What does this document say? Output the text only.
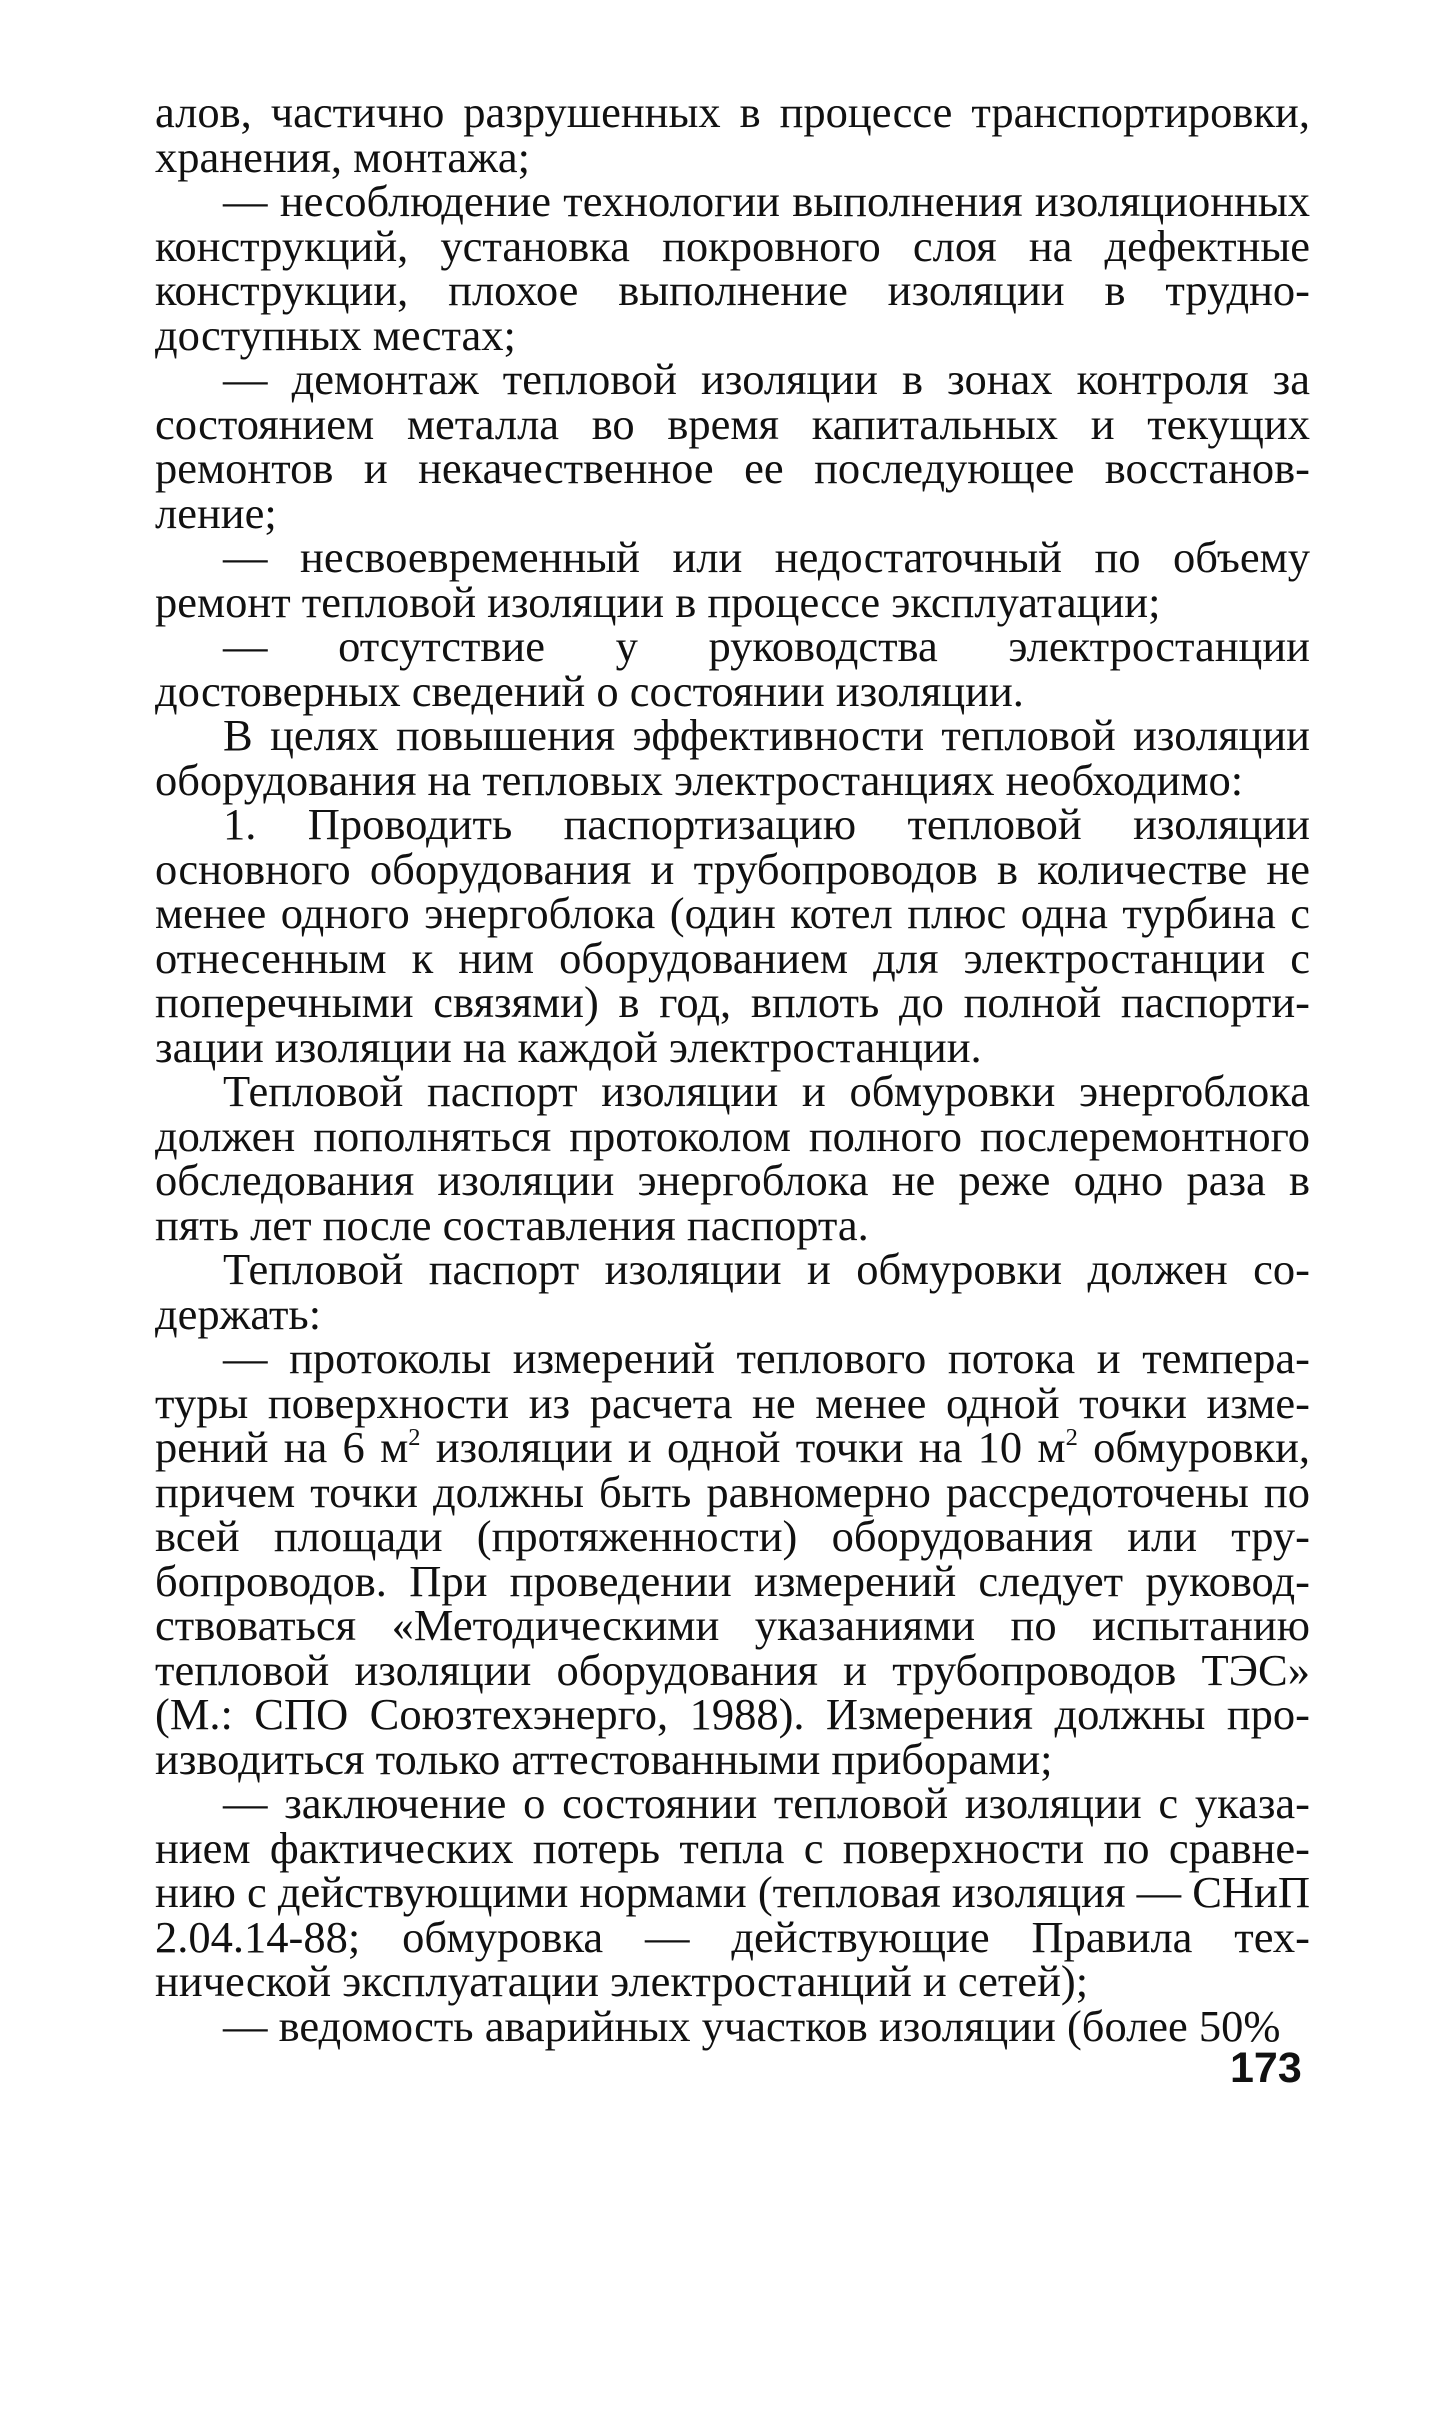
алов, частично разрушенных в процессе транспортировки, хранения, монтажа;

— несоблюдение технологии выполнения изоляционных конструкций, установка покровного слоя на дефектные конструкции, плохое выполнение изоляции в труднодоступных местах;

— демонтаж тепловой изоляции в зонах контроля за состоянием металла во время капитальных и текущих ремонтов и некачественное ее последующее восстановление;

— несвоевременный или недостаточный по объему ремонт тепловой изоляции в процессе эксплуатации;

— отсутствие у руководства электростанции достоверных сведений о состоянии изоляции.

В целях повышения эффективности тепловой изоляции оборудования на тепловых электростанциях необходимо:

1. Проводить паспортизацию тепловой изоляции основного оборудования и трубопроводов в количестве не менее одного энергоблока (один котел плюс одна турбина с отнесенным к ним оборудованием для электростанции с поперечными связями) в год, вплоть до полной паспортизации изоляции на каждой электростанции.

Тепловой паспорт изоляции и обмуровки энергоблока должен пополняться протоколом полного послеремонтного обследования изоляции энергоблока не реже одно раза в пять лет после составления паспорта.

Тепловой паспорт изоляции и обмуровки должен содержать:

— протоколы измерений теплового потока и температуры поверхности из расчета не менее одной точки измерений на 6 $м^2$ изоляции и одной точки на 10 $м^2$ обмуровки, причем точки должны быть равномерно рассредоточены по всей площади (протяженности) оборудования или трубопроводов. При проведении измерений следует руководствоваться «Методическими указаниями по испытанию тепловой изоляции оборудования и трубопроводов ТЭС» (М.: СПО Союзтехэнерго, 1988). Измерения должны производиться только аттестованными приборами;

— заключение о состоянии тепловой изоляции с указанием фактических потерь тепла с поверхности по сравнению с действующими нормами (тепловая изоляция — СНиП 2.04.14-88; обмуровка — действующие Правила технической эксплуатации электростанций и сетей);

— ведомость аварийных участков изоляции (более 50%

173
